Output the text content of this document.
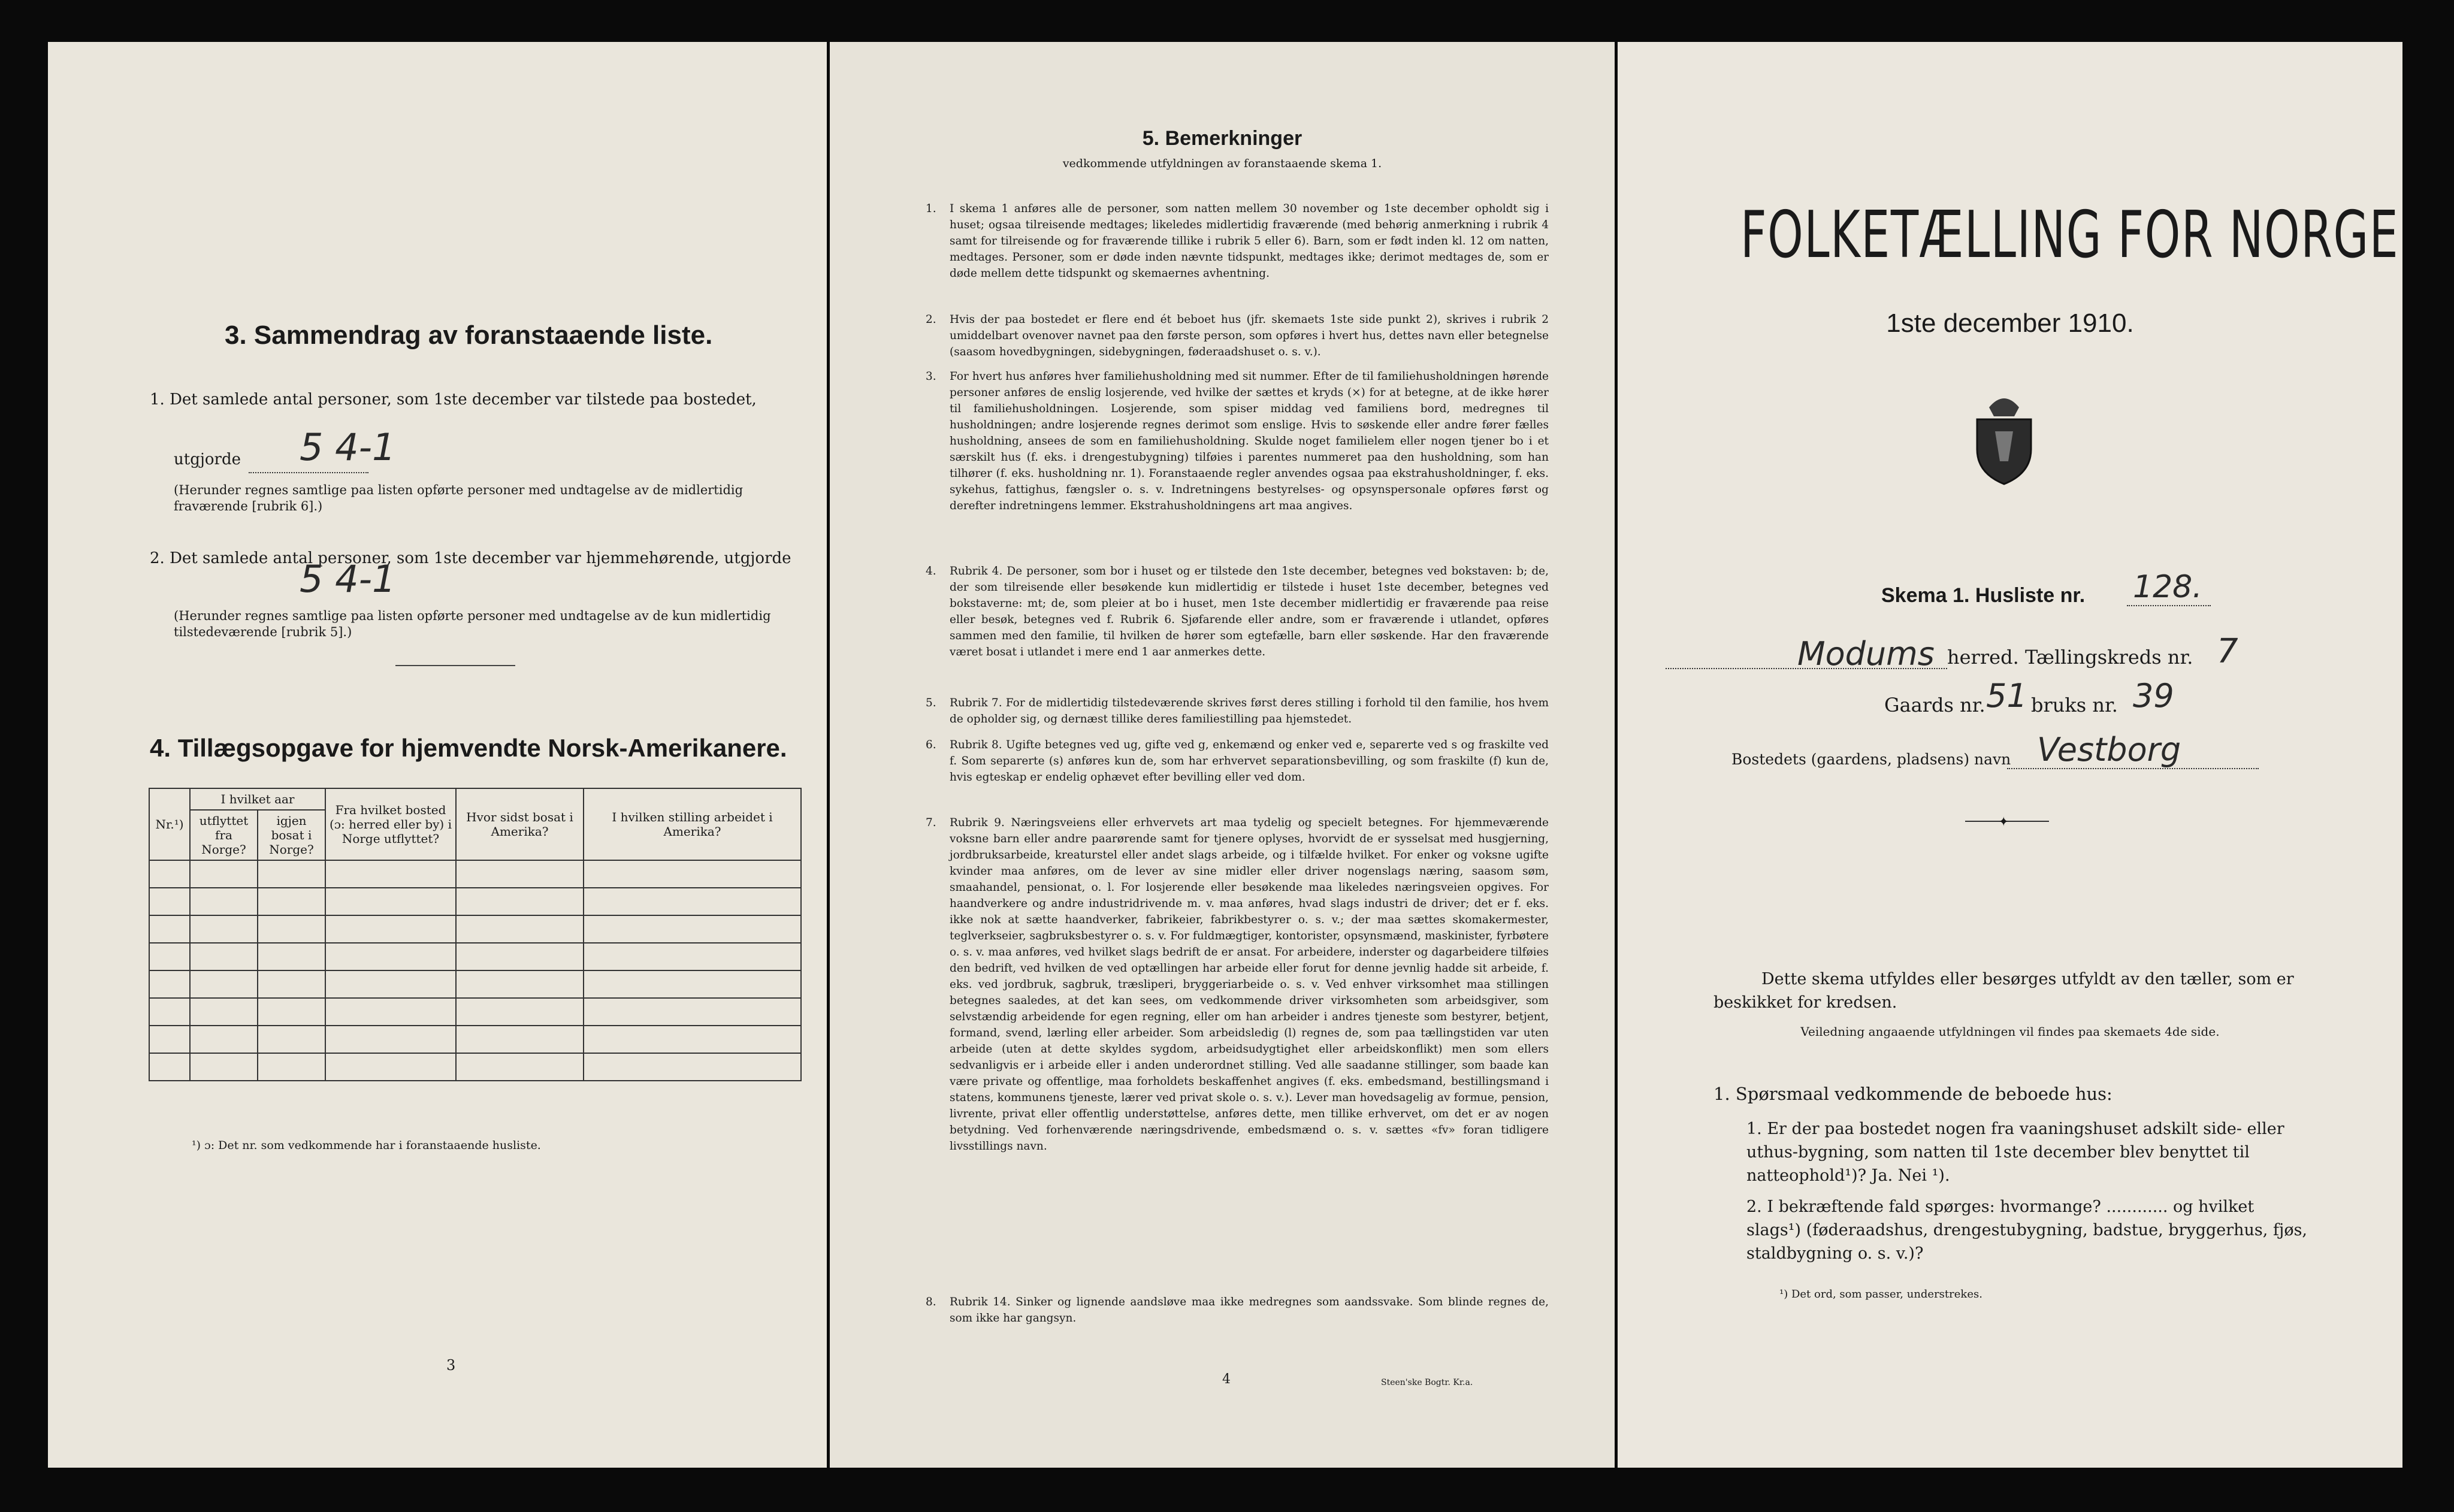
3. Sammendrag av foranstaaende liste.
1. Det samlede antal personer, som 1ste december var tilstede paa bostedet,
utgjorde 5 4-1
(Herunder regnes samtlige paa listen opførte personer med undtagelse av de midlertidig fraværende [rubrik 6].)
2. Det samlede antal personer, som 1ste december var hjemmehørende, utgjorde
5 4-1
(Herunder regnes samtlige paa listen opførte personer med undtagelse av de kun midlertidig tilstedeværende [rubrik 5].)
4. Tillægsopgave for hjemvendte Norsk-Amerikanere.
Nr.¹)	I hvilket aar		Fra hvilket bosted (ɔ: herred eller by) i Norge utflyttet?	Hvor sidst bosat i Amerika?	I hvilken stilling arbeidet i Amerika?
	utflyttet fra Norge?	igjen bosat i Norge?			

¹) ɔ: Det nr. som vedkommende har i foranstaaende husliste.
3
5. Bemerkninger
vedkommende utfyldningen av foranstaaende skema 1.
1. I skema 1 anføres alle de personer, som natten mellem 30 november og 1ste december opholdt sig i huset; ogsaa tilreisende medtages; likeledes midlertidig fraværende (med behørig anmerkning i rubrik 4 samt for tilreisende og for fraværende tillike i rubrik 5 eller 6). Barn, som er født inden kl. 12 om natten, medtages. Personer, som er døde inden nævnte tidspunkt, medtages ikke; derimot medtages de, som er døde mellem dette tidspunkt og skemaernes avhentning.
2. Hvis der paa bostedet er flere end ét beboet hus (jfr. skemaets 1ste side punkt 2), skrives i rubrik 2 umiddelbart ovenover navnet paa den første person, som opføres i hvert hus, dettes navn eller betegnelse (saasom hovedbygningen, sidebygningen, føderaadshuset o. s. v.).
3. For hvert hus anføres hver familiehusholdning med sit nummer. Efter de til familiehusholdningen hørende personer anføres de enslig losjerende, ved hvilke der sættes et kryds (×) for at betegne, at de ikke hører til familiehusholdningen. Losjerende, som spiser middag ved familiens bord, medregnes til husholdningen; andre losjerende regnes derimot som enslige. Hvis to søskende eller andre fører fælles husholdning, ansees de som en familiehusholdning. Skulde noget familielem eller nogen tjener bo i et særskilt hus (f. eks. i drengestubygning) tilføies i parentes nummeret paa den husholdning, som han tilhører (f. eks. husholdning nr. 1). Foranstaaende regler anvendes ogsaa paa ekstrahusholdninger, f. eks. sykehus, fattighus, fængsler o. s. v. Indretningens bestyrelses- og opsynspersonale opføres først og derefter indretningens lemmer. Ekstrahusholdningens art maa angives.
4. Rubrik 4. De personer, som bor i huset og er tilstede den 1ste december, betegnes ved bokstaven: b; de, der som tilreisende eller besøkende kun midlertidig er tilstede i huset 1ste december, betegnes ved bokstaverne: mt; de, som pleier at bo i huset, men 1ste december midlertidig er fraværende paa reise eller besøk, betegnes ved f. Rubrik 6. Sjøfarende eller andre, som er fraværende i utlandet, opføres sammen med den familie, til hvilken de hører som egtefælle, barn eller søskende. Har den fraværende været bosat i utlandet i mere end 1 aar anmerkes dette.
5. Rubrik 7. For de midlertidig tilstedeværende skrives først deres stilling i forhold til den familie, hos hvem de opholder sig, og dernæst tillike deres familiestilling paa hjemstedet.
6. Rubrik 8. Ugifte betegnes ved ug, gifte ved g, enkemænd og enker ved e, separerte ved s og fraskilte ved f. Som separerte (s) anføres kun de, som har erhvervet separationsbevilling, og som fraskilte (f) kun de, hvis egteskap er endelig ophævet efter bevilling eller ved dom.
7. Rubrik 9. Næringsveiens eller erhvervets art maa tydelig og specielt betegnes. For hjemmeværende voksne barn eller andre paarørende samt for tjenere oplyses, hvorvidt de er sysselsat med husgjerning, jordbruksarbeide, kreaturstel eller andet slags arbeide, og i tilfælde hvilket. For enker og voksne ugifte kvinder maa anføres, om de lever av sine midler eller driver nogenslags næring, saasom søm, smaahandel, pensionat, o. l. For losjerende eller besøkende maa likeledes næringsveien opgives. For haandverkere og andre industridrivende m. v. maa anføres, hvad slags industri de driver; det er f. eks. ikke nok at sætte haandverker, fabrikeier, fabrikbestyrer o. s. v.; der maa sættes skomakermester, teglverkseier, sagbruksbestyrer o. s. v. For fuldmægtiger, kontorister, opsynsmænd, maskinister, fyrbøtere o. s. v. maa anføres, ved hvilket slags bedrift de er ansat. For arbeidere, inderster og dagarbeidere tilføies den bedrift, ved hvilken de ved optællingen har arbeide eller forut for denne jevnlig hadde sit arbeide, f. eks. ved jordbruk, sagbruk, træsliperi, bryggeriarbeide o. s. v. Ved enhver virksomhet maa stillingen betegnes saaledes, at det kan sees, om vedkommende driver virksomheten som arbeidsgiver, som selvstændig arbeidende for egen regning, eller om han arbeider i andres tjeneste som bestyrer, betjent, formand, svend, lærling eller arbeider. Som arbeidsledig (l) regnes de, som paa tællingstiden var uten arbeide (uten at dette skyldes sygdom, arbeidsudygtighet eller arbeidskonflikt) men som ellers sedvanligvis er i arbeide eller i anden underordnet stilling. Ved alle saadanne stillinger, som baade kan være private og offentlige, maa forholdets beskaffenhet angives (f. eks. embedsmand, bestillingsmand i statens, kommunens tjeneste, lærer ved privat skole o. s. v.). Lever man hovedsagelig av formue, pension, livrente, privat eller offentlig understøttelse, anføres dette, men tillike erhvervet, om det er av nogen betydning. Ved forhenværende næringsdrivende, embedsmænd o. s. v. sættes «fv» foran tidligere livsstillings navn.
8. Rubrik 14. Sinker og lignende aandsløve maa ikke medregnes som aandssvake. Som blinde regnes de, som ikke har gangsyn.
4	Steen'ske Bogtr. Kr.a.
FOLKETÆLLING FOR NORGE
1ste december 1910.
Skema 1. Husliste nr. 128.
Modums herred. Tællingskreds nr. 7
Gaards nr. 51 bruks nr. 39
Bostedets (gaardens, pladsens) navn Vestborg
✦
Dette skema utfyldes eller besørges utfyldt av den tæller, som er beskikket for kredsen.
Veiledning angaaende utfyldningen vil findes paa skemaets 4de side.
1. Spørsmaal vedkommende de beboede hus:
1. Er der paa bostedet nogen fra vaaningshuset adskilt side- eller uthus-bygning, som natten til 1ste december blev benyttet til natteophold¹)? Ja. Nei ¹).
2. I bekræftende fald spørges: hvormange? ............ og hvilket slags¹) (føderaadshus, drengestubygning, badstue, bryggerhus, fjøs, staldbygning o. s. v.)?
¹) Det ord, som passer, understrekes.
